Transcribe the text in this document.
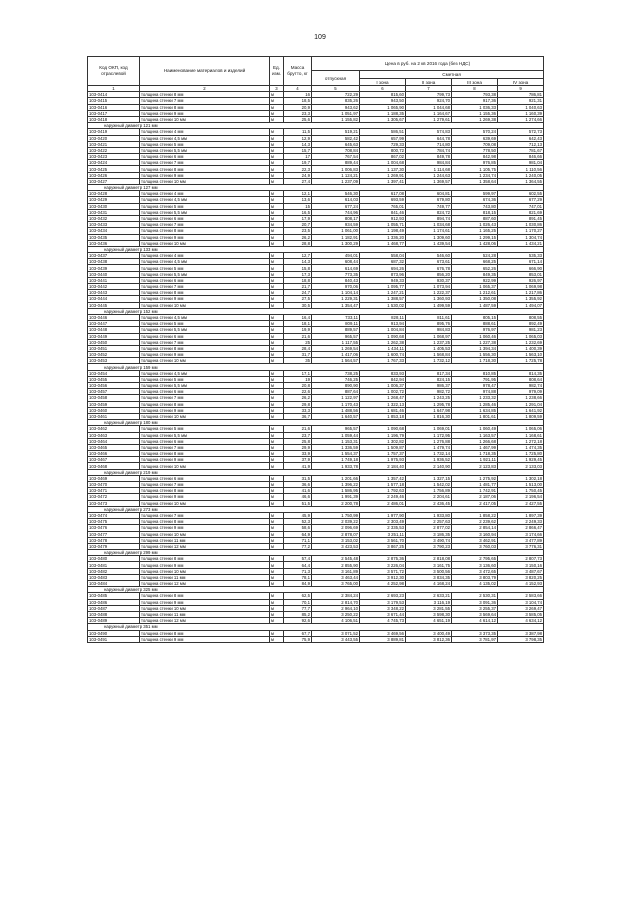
109
Код ОКП, код отраслевой	Наименование материалов и изделий	Ед. изм.	Масса брутто, кг	Цена в руб. на 2 кв 2016 года (без НДС)				
				отпускная	Сметная			
					I зона	II зона	III зона	IV зона
1	2	3	4	5	6	7	8	9
103-0414	толщина стенки 8 мм	м	16	722,29	815,60	799,73	793,38	786,81
103-0415	толщина стенки 7 мм	м	18,5	835,26	943,50	924,70	917,36	921,31
103-0416	толщина стенки 8 мм	м	20,9	943,62	1 065,90	1 044,68	1 036,33	1 040,63
103-0417	толщина стенки 9 мм	м	23,3	1 051,97	1 188,35	1 164,67	1 155,36	1 160,39
103-0418	толщина стенки 10 мм	м	25,6	1 155,82	1 305,67	1 279,61	1 269,38	1 274,66
наружный диаметр 121 мм								
103-0419	толщина стенки 4 мм	м	11,5	519,21	586,51	574,83	570,24	572,73
103-0420	толщина стенки 4,5 мм	м	12,9	582,42	657,99	644,78	639,69	642,43
103-0421	толщина стенки 5 мм	м	14,3	645,63	729,33	714,80	709,08	712,13
103-0422	толщина стенки 5,5 мм	м	15,7	708,84	800,72	784,74	778,50	781,67
103-0423	толщина стенки 6 мм	м	17	767,54	867,02	849,78	842,98	846,66
103-0424	толщина стенки 7 мм	м	19,7	889,44	1 004,68	984,84	976,85	981,04
103-0425	толщина стенки 8 мм	м	22,3	1 006,83	1 137,30	1 114,68	1 105,75	1 110,56
103-0426	толщина стенки 9 мм	м	24,9	1 124,21	1 269,91	1 244,63	1 234,74	1 240,05
103-0427	толщина стенки 10 мм	м	27,4	1 237,09	1 397,41	1 369,57	1 358,64	1 364,55
наружный диаметр 127 мм								
103-0428	толщина стенки 4 мм	м	12,1	546,30	617,08	604,81	599,97	602,55
103-0429	толщина стенки 4,5 мм	м	13,6	614,03	693,59	679,80	674,36	677,29
103-0430	толщина стенки 5 мм	м	15	677,24	765,01	749,77	743,80	747,01
103-0431	толщина стенки 5,5 мм	м	16,5	744,96	841,46	824,72	818,15	821,69
103-0432	толщина стенки 6 мм	м	17,9	808,17	912,93	894,74	887,60	891,45
103-0433	толщина стенки 7 мм	м	20,7	934,59	1 055,71	1 034,68	1 026,43	1 030,86
103-0434	толщина стенки 8 мм	м	23,5	1 061,00	1 198,49	1 174,61	1 165,25	1 170,27
103-0435	толщина стенки 9 мм	м	26,2	1 182,91	1 336,20	1 309,60	1 299,15	1 304,74
103-0436	толщина стенки 10 мм	м	28,8	1 300,29	1 468,77	1 439,54	1 428,06	1 434,21
наружный диаметр 133 мм								
103-0437	толщина стенки 4 мм	м	12,7	494,01	558,04	546,60	524,28	535,33
103-0438	толщина стенки 4,5 мм	м	14,3	608,44	687,32	673,61	668,25	671,14
103-0439	толщина стенки 5 мм	м	15,8	614,69	694,26	676,78	652,26	666,90
103-0440	толщина стенки 5,5 мм	м	17,3	773,35	873,96	856,20	849,35	853,01
103-0441	толщина стенки 6 мм	м	18,8	840,43	949,33	930,37	922,99	926,97
103-0442	толщина стенки 7 мм	м	21,7	970,06	1 095,77	1 073,94	1 065,37	1 069,98
103-0443	толщина стенки 8 мм	м	24,7	1 104,14	1 247,21	1 222,37	1 212,61	1 217,86
103-0444	толщина стенки 9 мм	м	27,5	1 229,31	1 388,57	1 360,93	1 350,08	1 355,92
103-0445	толщина стенки 10 мм	м	30,5	1 354,47	1 530,02	1 499,59	1 487,59	1 494,07
наружный диаметр 152 мм								
103-0446	толщина стенки 4,5 мм	м	16,4	733,11	828,11	811,61	805,15	808,55
103-0447	толщина стенки 5 мм	м	18,1	809,11	913,94	895,76	888,61	892,49
103-0448	толщина стенки 5,5 мм	м	19,9	889,57	1 004,84	984,83	976,97	981,23
103-0449	толщина стенки 6 мм	м	21,6	965,57	1 090,68	1 068,97	1 060,46	1 065,03
103-0450	толщина стенки 7 мм	м	25	1 117,55	1 262,38	1 237,25	1 227,38	1 232,69
103-0451	толщина стенки 8 мм	м	28,4	1 269,54	1 434,11	1 405,53	1 394,34	1 400,39
103-0452	толщина стенки 9 мм	м	31,7	1 417,06	1 600,74	1 568,84	1 556,30	1 563,10
103-0453	толщина стенки 10 мм	м	35	1 564,57	1 767,33	1 732,12	1 718,30	1 725,78
наружный диаметр 159 мм								
103-0454	толщина стенки 4,5 мм	м	17,1	738,25	833,93	817,34	810,85	814,35
103-0455	толщина стенки 5 мм	м	19	746,25	842,94	824,15	791,95	808,64
103-0456	толщина стенки 5,5 мм	м	20,8	890,90	1 006,37	986,37	978,47	982,74
103-0457	толщина стенки 6 мм	м	22,6	887,64	1 002,72	982,72	974,88	979,09
103-0458	толщина стенки 7 мм	м	26,2	1 122,97	1 268,47	1 243,25	1 233,32	1 238,66
103-0459	толщина стенки 8 мм	м	29,8	1 170,43	1 322,13	1 295,78	1 285,46	1 291,04
103-0460	толщина стенки 9 мм	м	33,3	1 488,56	1 681,46	1 647,98	1 634,85	1 641,92
103-0461	толщина стенки 10 мм	м	36,7	1 640,57	1 853,18	1 816,30	1 801,61	1 809,59
наружный диаметр 180 мм								
103-0462	толщина стенки 5 мм	м	21,6	965,57	1 090,68	1 069,01	1 060,49	1 065,06
103-0463	толщина стенки 5,5 мм	м	23,7	1 059,44	1 196,79	1 172,95	1 163,57	1 168,61
103-0464	толщина стенки 6 мм	м	25,8	1 153,31	1 302,82	1 276,88	1 266,68	1 272,18
103-0465	толщина стенки 7 мм	м	29,9	1 336,59	1 509,87	1 479,74	1 467,99	1 474,35
103-0466	толщина стенки 8 мм	м	33,9	1 554,37	1 757,37	1 732,14	1 718,35	1 725,80
103-0467	толщина стенки 9 мм	м	37,9	1 749,18	1 975,93	1 936,52	1 921,11	1 929,45
103-0468	толщина стенки 10 мм	м	41,9	1 933,78	2 184,40	2 140,90	2 123,83	2 133,03
наружный диаметр 219 мм								
103-0469	толщина стенки 6 мм	м	31,5	1 201,66	1 357,42	1 327,15	1 275,92	1 302,18
103-0470	толщина стенки 7 мм	м	36,6	1 396,22	1 577,18	1 542,02	1 481,77	1 513,00
103-0471	толщина стенки 8 мм	м	41,6	1 586,95	1 792,63	1 756,89	1 742,91	1 750,45
103-0472	толщина стенки 9 мм	м	46,6	1 991,39	2 249,46	2 204,61	2 187,06	2 196,54
103-0473	толщина стенки 10 мм	м	51,5	2 200,78	2 486,01	2 436,45	2 417,05	2 427,55
наружный диаметр 273 мм								
103-0474	толщина стенки 7 мм	м	45,9	1 750,99	1 977,90	1 933,80	1 858,22	1 897,39
103-0475	толщина стенки 8 мм	м	52,3	2 039,22	2 303,49	2 257,63	2 239,62	2 249,33
103-0476	толщина стенки 9 мм	м	58,6	2 096,69	2 335,53	2 877,02	2 854,14	2 866,47
103-0477	толщина стенки 10 мм	м	64,9	2 878,07	3 251,11	3 186,35	3 160,94	3 174,66
103-0478	толщина стенки 11 мм	м	71,1	3 153,02	3 561,70	3 490,74	3 462,91	3 477,89
103-0479	толщина стенки 12 мм	м	77,2	3 423,53	3 867,25	3 790,23	3 760,03	3 776,31
наружный диаметр 299 мм								
103-0480	толщина стенки 8 мм	м	57,4	2 545,48	2 875,36	2 818,08	2 795,65	2 807,73
103-0481	толщина стенки 9 мм	м	64,4	2 855,90	3 226,04	3 161,75	3 136,60	3 150,16
103-0482	толщина стенки 10 мм	м	71,3	3 161,89	3 571,72	3 500,56	3 472,65	3 487,67
103-0483	толщина стенки 11 мм	м	78,1	3 463,44	3 912,30	3 834,35	3 803,79	3 820,25
103-0484	толщина стенки 12 мм	м	84,9	3 765,00	4 252,98	4 168,24	4 135,02	4 152,93
наружный диаметр 325 мм								
103-0485	толщина стенки 8 мм	м	62,5	2 384,24	2 693,23	2 633,21	2 530,31	2 583,66
103-0486	толщина стенки 9 мм	м	70,1	2 814,70	3 179,53	3 116,19	3 091,36	3 104,74
103-0487	толщина стенки 10 мм	м	77,7	2 964,10	3 348,22	3 281,55	3 255,37	3 269,47
103-0488	толщина стенки 11 мм	м	85,2	3 250,22	3 671,44	3 598,30	3 569,64	3 585,05
103-0489	толщина стенки 12 мм	м	92,6	4 106,51	4 745,73	4 651,19	4 614,12	4 634,12
наружный диаметр 351 мм								
103-0490	толщина стенки 8 мм	м	67,7	3 071,52	3 469,56	3 400,49	3 373,35	3 387,98
103-0491	толщина стенки 9 мм	м	75,9	3 443,55	3 889,81	3 812,36	3 781,97	3 798,35
